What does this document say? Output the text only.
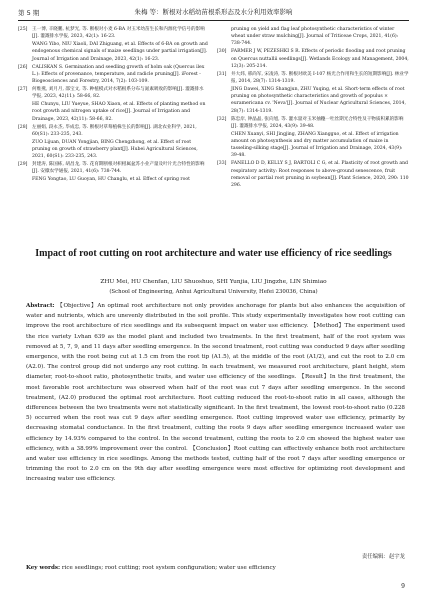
第 5 期	朱梅 等：断根对水稻幼苗根系形态及水分利用效率影响
[25] 王一博, 辛晓鹏, 杭梦光, 等. 断根对小麦 6-BA 对玉米幼苗生长和内源化学信号的影响[J]. 灌溉排水学报, 2023, 42(1): 16-23.
WANG Yibo, NIU Xiaoli, DAI Zhiguang, et al. Effects of 6-BA on growth and endogenous chemical signals of maize seedlings under partial irrigation[J]. Journal of Irrigation and Drainage, 2023, 42(1): 16-23.
[26] CALISKAN S. Germination and seedling growth of holm oak (Quercus ilex L.): Effects of provenance, temperature, and radicle pruning[J]. iForest - Biogeosciences and Forestry, 2014, 7(2): 103-109.
[27] 何维燕, 刘月月, 邵宝文, 等. 种植模式对水稻根系分布与氮素吸收的影响[J]. 灌溉排水学报, 2023, 42(11): 58-66, 82.
HE Chunyu, LIU Yueyue, SHAO Xiaon, et al. Effects of planting method on root growth and nitrogen uptake of rice[J]. Journal of Irrigation and Drainage, 2023, 42(11): 58-66, 82.
[28] 左丽娟, 段永杰, 毕成忠, 等. 断根对草莓植株生长的影响[J]. 湖北农业科学, 2021, 60(S1): 233-235, 243.
ZUO Lijuan, DUAN Yongjian, BING Chengzhong, et al. Effect of root pruning on growth of strawberry plant[J]. Hubei Agricultural Sciences, 2021, 60(S1): 233-235, 243.
[29] 封建涛, 陈国栋, 胡昌龙, 等. 花育期断根对枳柑属盆苏小业产量及叶片光合特性的影响[J]. 安徽农学通报, 2021, 41(6): 738-744.
FENG Yongtao, LU Guoyan, HU Changlu, et al. Effect of spring root
pruning on yield and flag leaf photosynthetic characteristics of winter wheat under straw mulching[J]. Journal of Triticeae Crops, 2021, 41(6): 738-744.
[30] FARMER J W, PEZESHKI S R. Effects of periodic flooding and root pruning on Quercus nuttallii seedlings[J]. Wetlands Ecology and Management, 2004, 12(3): 205-214.
[31] 井大炜, 邢尚军, 宋凌涛, 等. 断根对欧美 I-107 杨光合作用和生长的短期影响[J]. 林业学报, 2014, 28(7): 1314-1319.
JING Dawei, XING Shangjun, ZHU Yuqing, et al. Short-term effects of root pruning on photosynthetic characteristics and growth of populus × euramericana cv. 'Neva'[J]. Journal of Nuclear Agricultural Sciences, 2014, 28(7): 1314-1319.
[32] 陈忠岸, 钟晶晶, 张向旭, 等. 灌水量对玉米抽穗一吐丝期光合特性及干物质积累的影响[J]. 灌溉排水学报, 2024, 43(9): 39-48.
CHEN Xuanyi, SHI Jingjing, ZHANG Xiangguo, et al. Effect of irrigation amount on photosynthesis and dry matter accumulation of maize in tasseling-silking stage[J]. Journal of Irrigation and Drainage, 2024, 43(9): 39-48.
[33] FANELLO D D, KELLY S J, BARTOLI C G, et al. Plasticity of root growth and respiratory activity: Root responses to above-ground senescence, fruit removal or partial root pruning in soybean[J]. Plant Science, 2020, 290: 110 296.
Impact of root cutting on root architecture and water use efficiency of rice seedlings
ZHU Mei, HU Chenfan, LIU Shuoshuo, SHI Yunjia, LIU Jingzhe, LIN Shimiao
(School of Engineering, Anhui Agricultural University, Hefei 230036, China)
Abstract: 【Objective】An optimal root architecture not only provides anchorage for plants but also enhances the acquisition of water and nutrients, which are unevenly distributed in the soil profile. This study experimentally investigates how root cutting can improve the root architecture of rice seedlings and its subsequent impact on water use efficiency. 【Method】The experiment used the rice variety Lvhan 639 as the model plant and included two treatments. In the first treatment, half of the root system was removed at 5, 7, 9, and 11 days after seedling emergence. In the second treatment, root cutting was conducted 9 days after seedling emergence, with the root being cut at 1.5 cm from the root tip (A1.5), at the middle of the root (A1/2), and cut the root to 2.0 cm (A2.0). The control group did not undergo any root cutting. In each treatment, we measured root architecture, plant height, stem diameter, root-to-shoot ratio, photosynthetic traits, and water use efficiency of the seedlings. 【Result】In the first treatment, the most favorable root architecture was observed when half of the root was cut 7 days after seedling emergence. In the second treatment, (A2.0) produced the optimal root architecture. Root cutting reduced the root-to-shoot ratio in all cases, although the differences between the two treatments were not statistically significant. In the first treatment, the lowest root-to-shoot ratio (0.228 5) occurred when the root was cut 9 days after seedling emergence. Root cutting improved water use efficiency, primarily by decreasing stomatal conductance. In the first treatment, cutting the roots 9 days after seedling emergence increased water use efficiency by 14.93% compared to the control. In the second treatment, cutting the roots to 2.0 cm showed the highest water use efficiency, with a 38.99% improvement over the control. 【Conclusion】Root cutting can effectively enhance both root architecture and water use efficiency in rice seedlings. Among the methods tested, cutting half of the root 7 days after seedling emergence or trimming the root to 2.0 cm on the 9th day after seedling emergence were most effective for optimizing root development and increasing water use efficiency.
责任编辑：赵宇龙
Key words: rice seedlings; root cutting; root system configuration; water use efficiency
9
